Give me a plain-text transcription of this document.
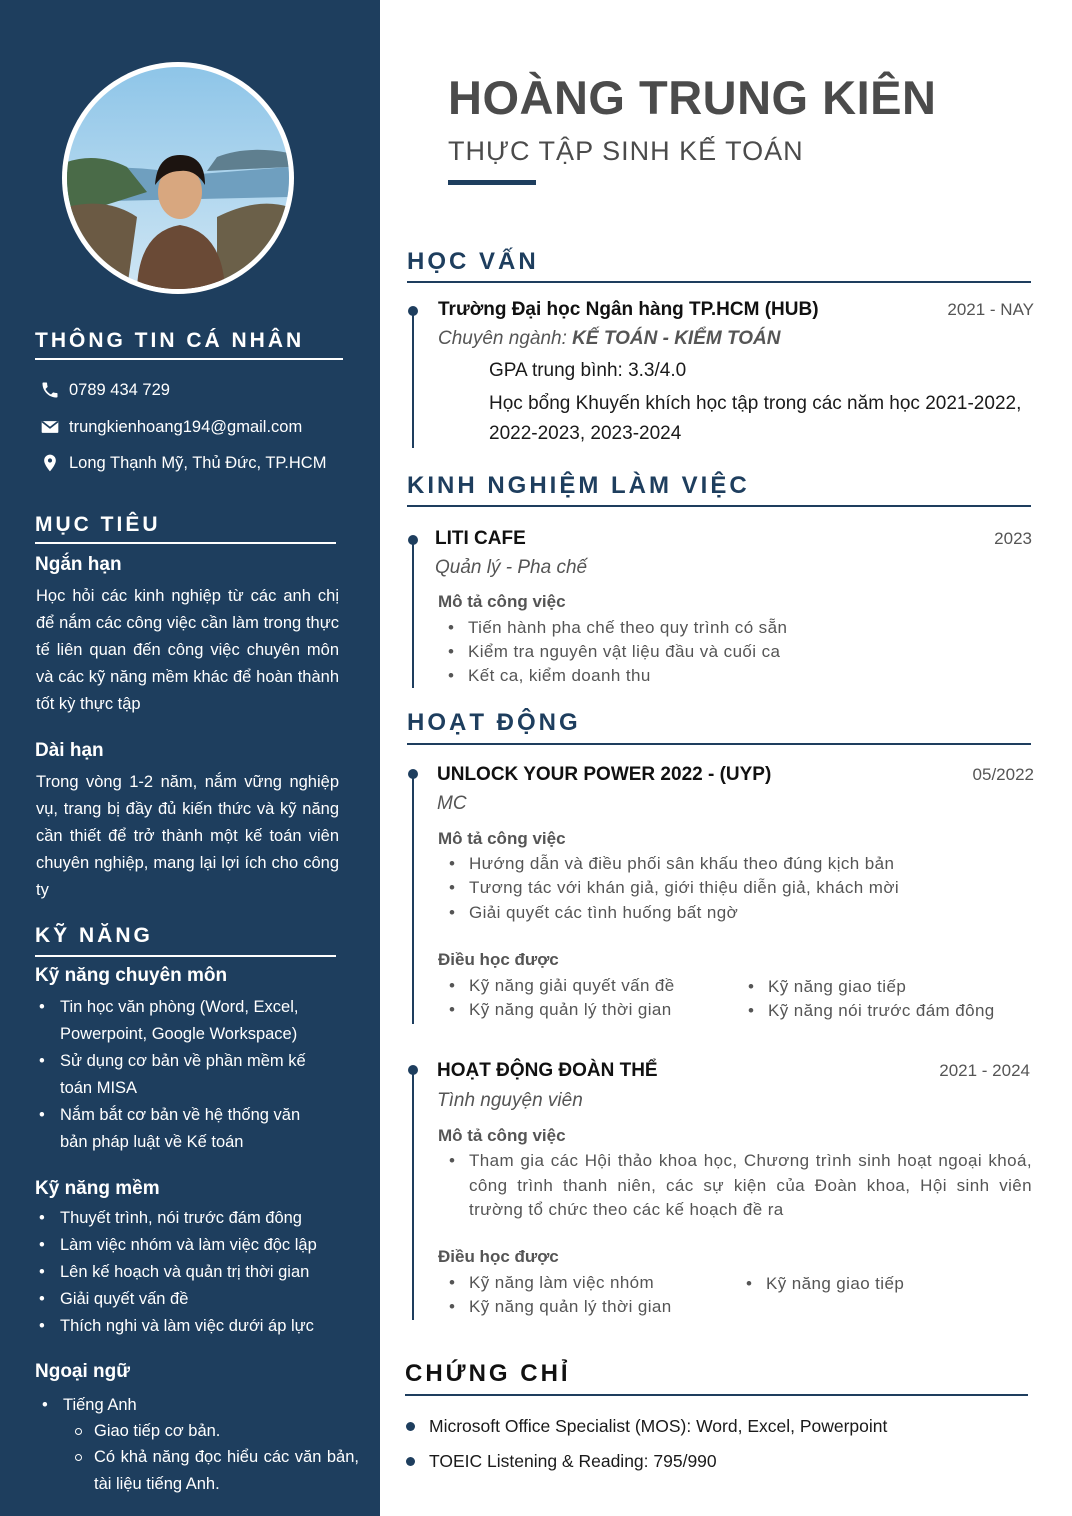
THÔNG TIN CÁ NHÂN
0789 434 729
trungkienhoang194@gmail.com
Long Thạnh Mỹ, Thủ Đức, TP.HCM
MỤC TIÊU
Ngắn hạn
Học hỏi các kinh nghiệp từ các anh chị để nắm các công việc cần làm trong thực tế liên quan đến công việc chuyên môn và các kỹ năng mềm khác để hoàn thành tốt kỳ thực tập
Dài hạn
Trong vòng 1-2 năm, nắm vững nghiệp vụ, trang bị đầy đủ kiến thức và kỹ năng cần thiết để trở thành một kế toán viên chuyên nghiệp, mang lại lợi ích cho công ty
KỸ NĂNG
Kỹ năng chuyên môn
• Tin học văn phòng (Word, Excel, Powerpoint, Google Workspace)
• Sử dụng cơ bản về phần mềm kế toán MISA
• Nắm bắt cơ bản về hệ thống văn bản pháp luật về Kế toán
Kỹ năng mềm
• Thuyết trình, nói trước đám đông
• Làm việc nhóm và làm việc độc lập
• Lên kế hoạch và quản trị thời gian
• Giải quyết vấn đề
• Thích nghi và làm việc dưới áp lực
Ngoại ngữ
• Tiếng Anh
Giao tiếp cơ bản.
Có khả năng đọc hiểu các văn bản, tài liệu tiếng Anh.
HOÀNG TRUNG KIÊN
THỰC TẬP SINH KẾ TOÁN
HỌC VẤN
Trường Đại học Ngân hàng TP.HCM (HUB)	2021 - NAY
Chuyên ngành: KẾ TOÁN - KIỂM TOÁN
GPA trung bình: 3.3/4.0
Học bổng Khuyến khích học tập trong các năm học 2021-2022, 2022-2023, 2023-2024
KINH NGHIỆM LÀM VIỆC
LITI CAFE	2023
Quản lý - Pha chế
Mô tả công việc
• Tiến hành pha chế theo quy trình có sẵn
• Kiểm tra nguyên vật liệu đầu và cuối ca
• Kết ca, kiểm doanh thu
HOẠT ĐỘNG
UNLOCK YOUR POWER 2022 - (UYP)	05/2022
MC
Mô tả công việc
• Hướng dẫn và điều phối sân khấu theo đúng kịch bản
• Tương tác với khán giả, giới thiệu diễn giả, khách mời
• Giải quyết các tình huống bất ngờ
Điều học được
• Kỹ năng giải quyết vấn đề
• Kỹ năng quản lý thời gian
• Kỹ năng giao tiếp
• Kỹ năng nói trước đám đông
HOẠT ĐỘNG ĐOÀN THỂ	2021 - 2024
Tình nguyện viên
Mô tả công việc
• Tham gia các Hội thảo khoa học, Chương trình sinh hoạt ngoại khoá, công trình thanh niên, các sự kiện của Đoàn khoa, Hội sinh viên trường tổ chức theo các kế hoạch đề ra
Điều học được
• Kỹ năng làm việc nhóm
• Kỹ năng quản lý thời gian
• Kỹ năng giao tiếp
CHỨNG CHỈ
Microsoft Office Specialist (MOS): Word, Excel, Powerpoint
TOEIC Listening & Reading: 795/990
